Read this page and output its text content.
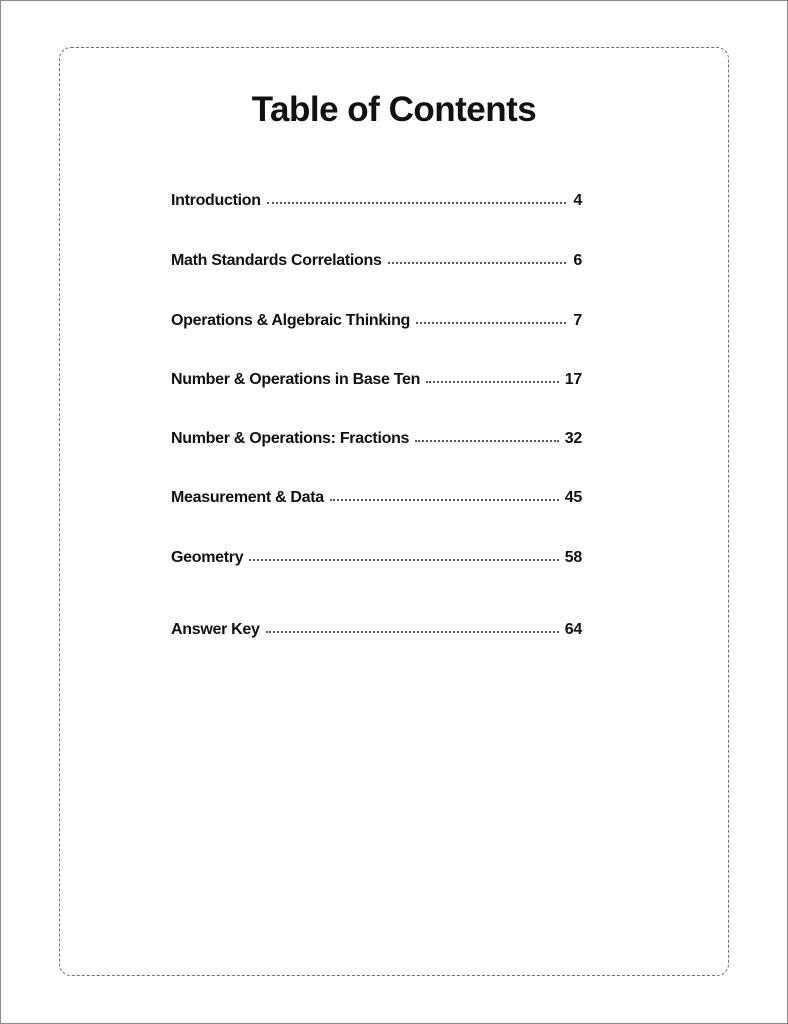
Table of Contents
Introduction	4
Math Standards Correlations	6
Operations & Algebraic Thinking	7
Number & Operations in Base Ten	17
Number & Operations: Fractions	32
Measurement & Data	45
Geometry	58
Answer Key	64
